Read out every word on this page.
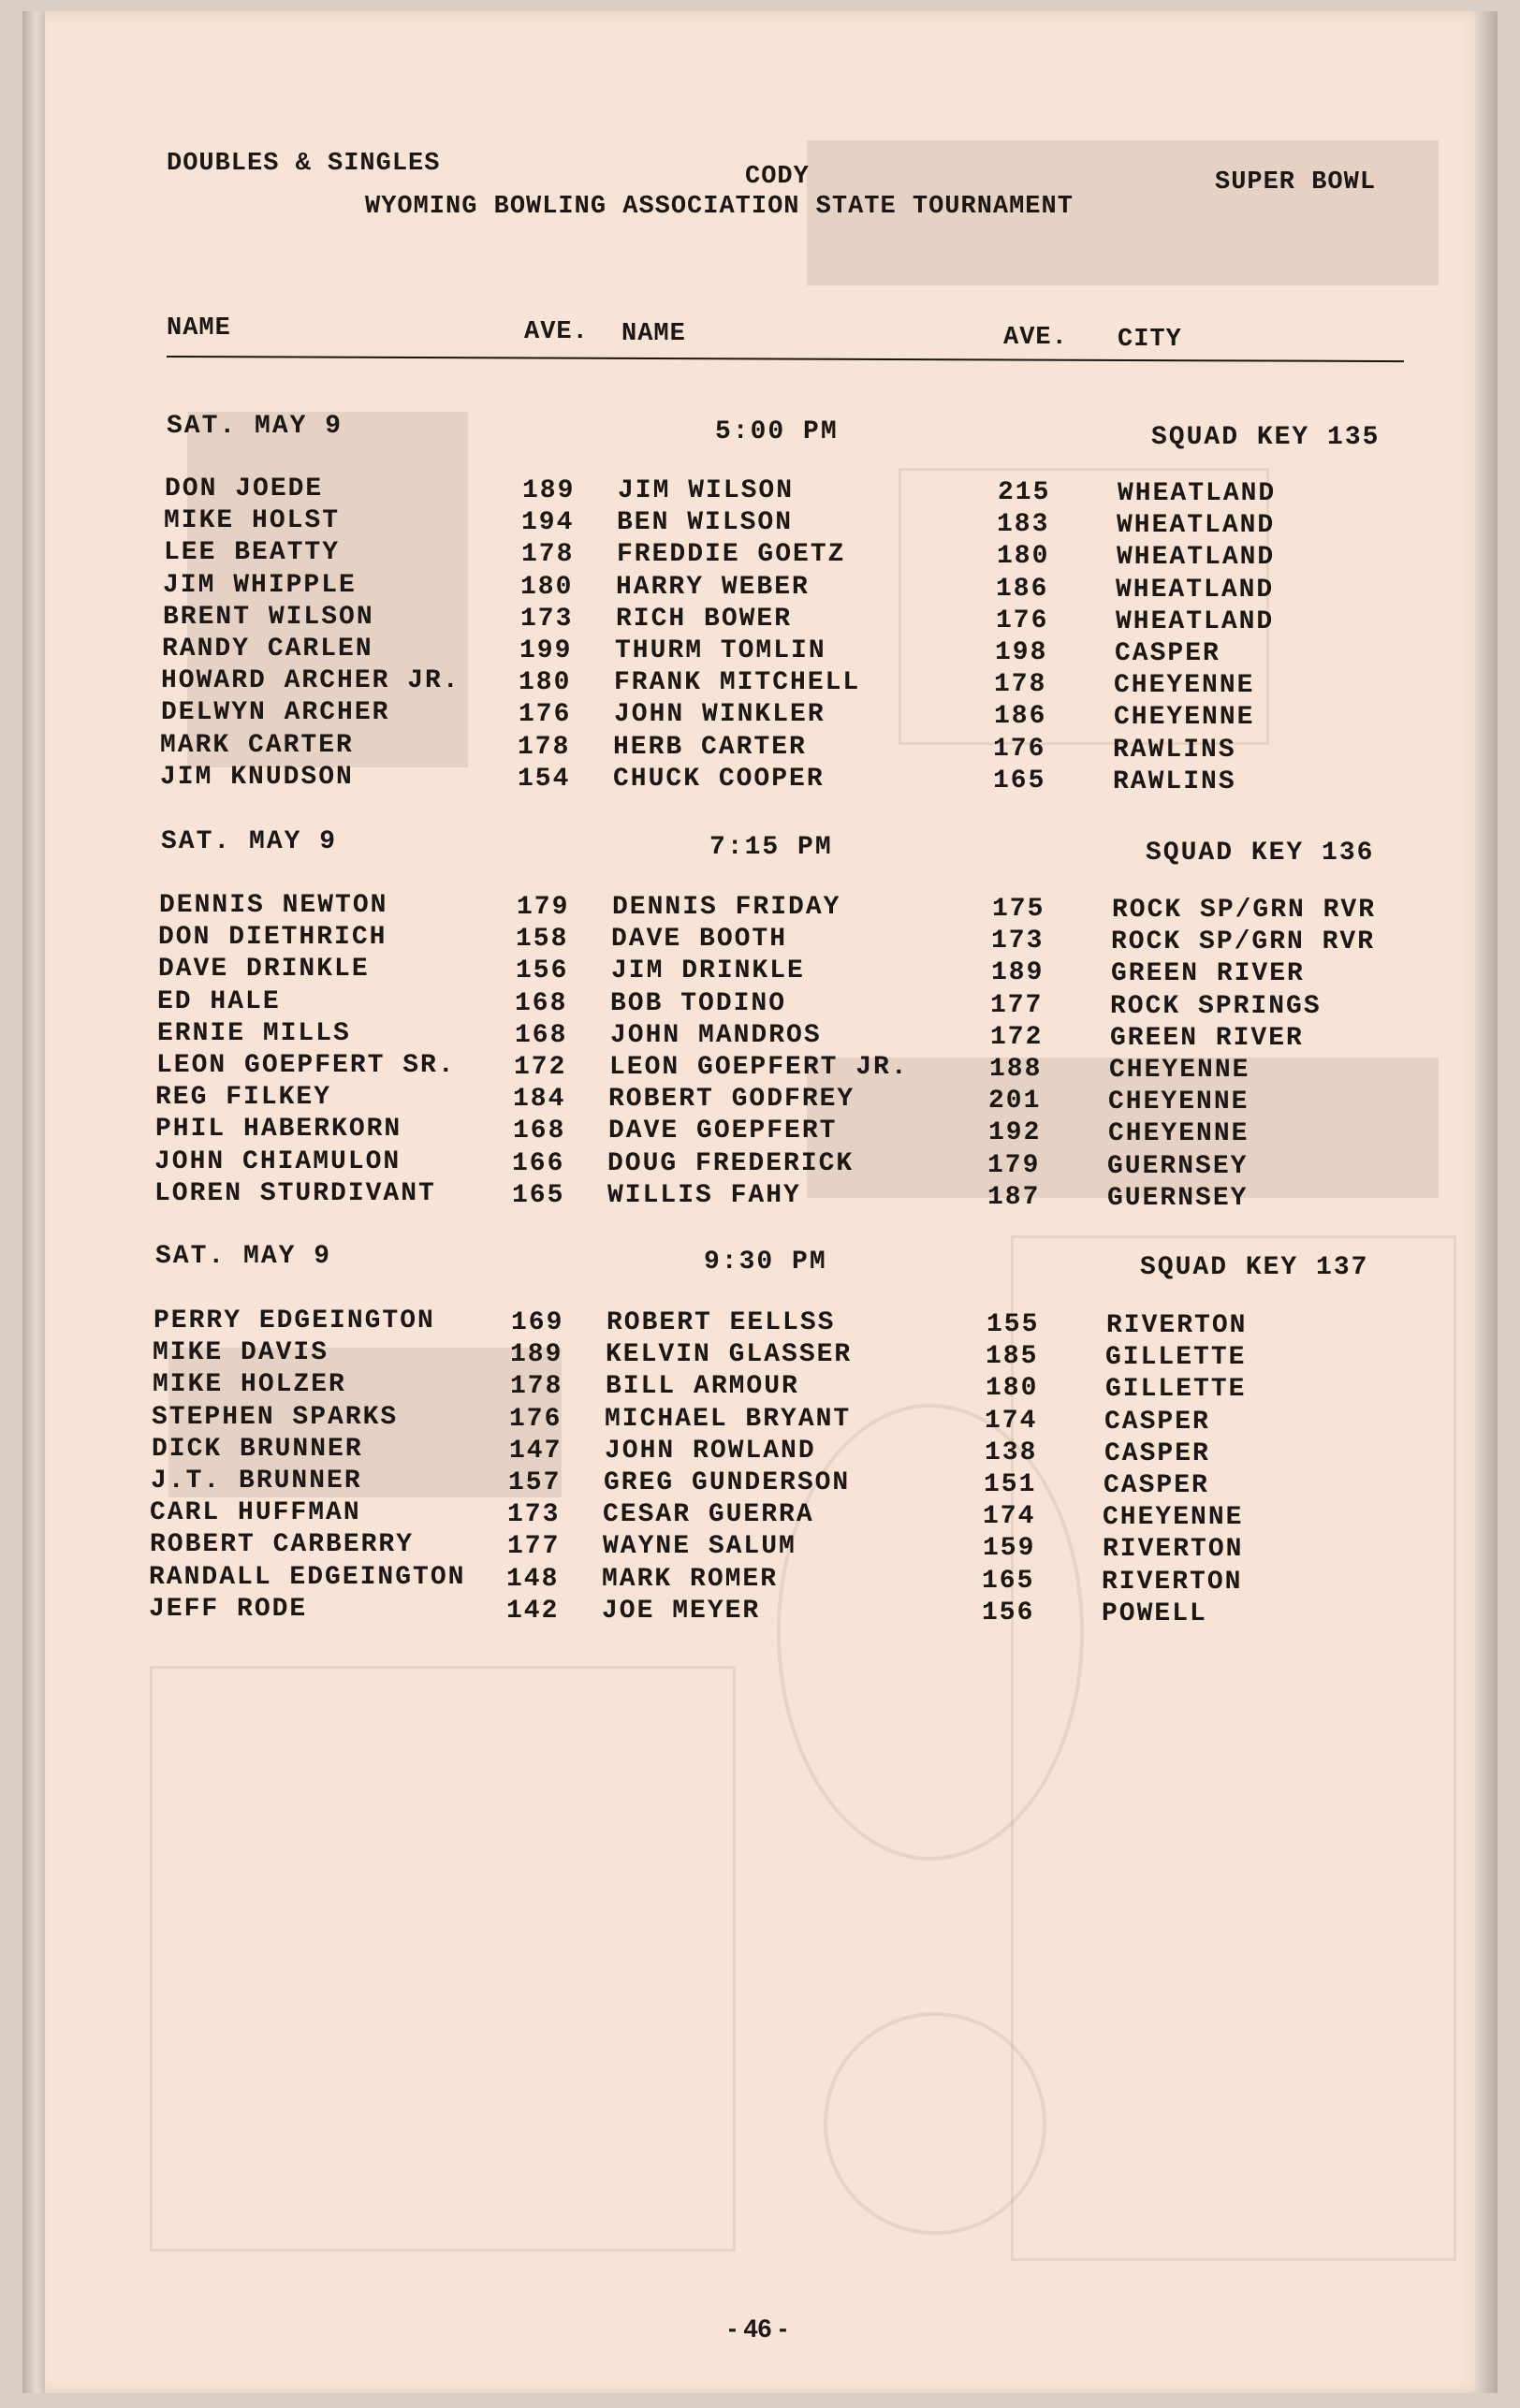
DOUBLES & SINGLES	CODY	SUPER BOWL
WYOMING BOWLING ASSOCIATION STATE TOURNAMENT
NAME	AVE. NAME	AVE. CITY
SAT. MAY 9	5:00 PM	SQUAD KEY 135
DON JOEDE	189 JIM WILSON	215	WHEATLAND
MIKE HOLST	194 BEN WILSON	183	WHEATLAND
LEE BEATTY	178 FREDDIE GOETZ	180	WHEATLAND
JIM WHIPPLE	180 HARRY WEBER	186	WHEATLAND
BRENT WILSON	173 RICH BOWER	176	WHEATLAND
RANDY CARLEN	199 THURM TOMLIN	198	CASPER
HOWARD ARCHER JR. 180 FRANK MITCHELL	178	CHEYENNE
DELWYN ARCHER	176 JOHN WINKLER	186	CHEYENNE
MARK CARTER	178 HERB CARTER	176	RAWLINS
JIM KNUDSON	154 CHUCK COOPER	165	RAWLINS
SAT. MAY 9	7:15 PM	SQUAD KEY 136
DENNIS NEWTON	179 DENNIS FRIDAY	175	ROCK SP/GRN RVR
DON DIETHRICH	158 DAVE BOOTH	173	ROCK SP/GRN RVR
DAVE DRINKLE	156 JIM DRINKLE	189	GREEN RIVER
ED HALE	168 BOB TODINO	177	ROCK SPRINGS
ERNIE MILLS	168 JOHN MANDROS	172	GREEN RIVER
LEON GOEPFERT SR. 172 LEON GOEPFERT JR.	188	CHEYENNE
REG FILKEY	184 ROBERT GODFREY	201	CHEYENNE
PHIL HABERKORN	168 DAVE GOEPFERT	192	CHEYENNE
JOHN CHIAMULON	166 DOUG FREDERICK	179	GUERNSEY
LOREN STURDIVANT	165 WILLIS FAHY	187	GUERNSEY
SAT. MAY 9	9:30 PM	SQUAD KEY 137
PERRY EDGEINGTON	169 ROBERT EELLSS	155	RIVERTON
MIKE DAVIS	189 KELVIN GLASSER	185	GILLETTE
MIKE HOLZER	178 BILL ARMOUR	180	GILLETTE
STEPHEN SPARKS	176 MICHAEL BRYANT	174	CASPER
DICK BRUNNER	147 JOHN ROWLAND	138	CASPER
J.T. BRUNNER	157 GREG GUNDERSON	151	CASPER
CARL HUFFMAN	173 CESAR GUERRA	174	CHEYENNE
ROBERT CARBERRY	177 WAYNE SALUM	159	RIVERTON
RANDALL EDGEINGTON 148 MARK ROMER	165	RIVERTON
JEFF RODE	142 JOE MEYER	156	POWELL
- 46 -
